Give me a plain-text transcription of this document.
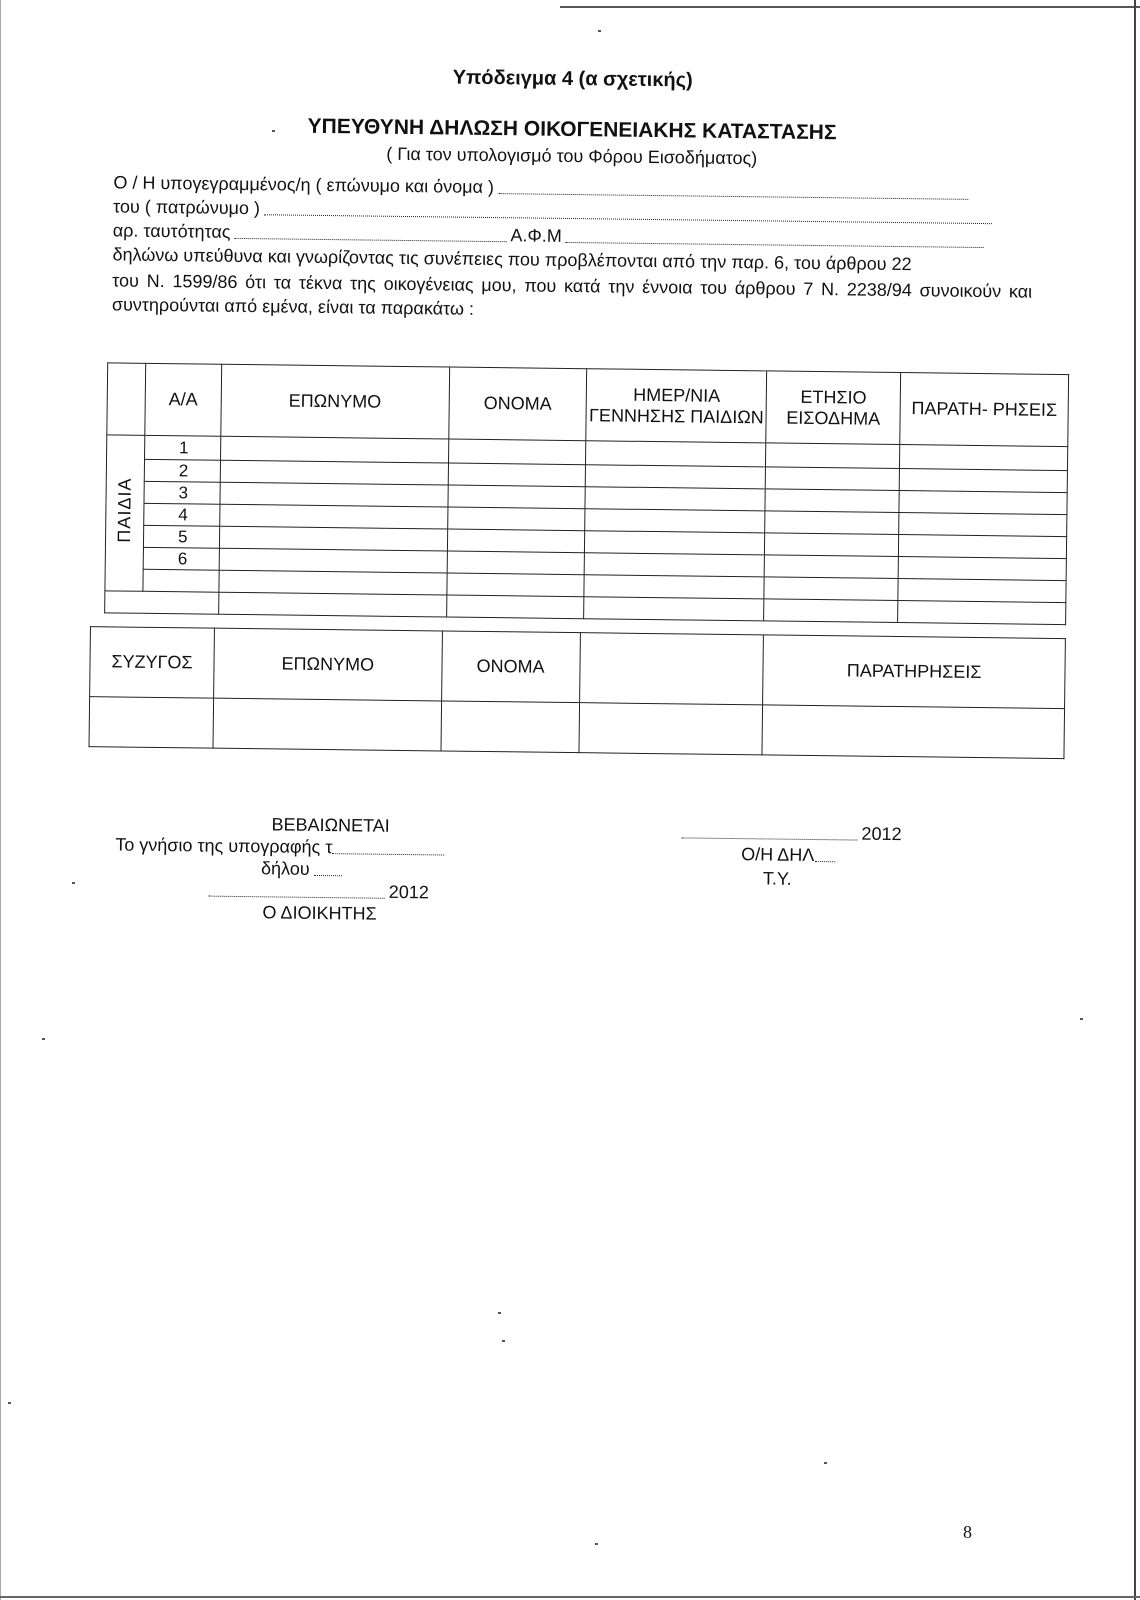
Υπόδειγμα 4 (α σχετικής)
ΥΠΕΥΘΥΝΗ ΔΗΛΩΣΗ ΟΙΚΟΓΕΝΕΙΑΚΗΣ ΚΑΤΑΣΤΑΣΗΣ
( Για τον υπολογισμό του Φόρου Εισοδήματος)
Ο / Η υπογεγραμμένος/η ( επώνυμο και όνομα )
του ( πατρώνυμο )
αρ. ταυτότητας	Α.Φ.Μ
δηλώνω υπεύθυνα και γνωρίζοντας τις συνέπειες που προβλέπονται από την παρ. 6, του άρθρου 22
του Ν. 1599/86 ότι τα τέκνα της οικογένειας μου, που κατά την έννοια του άρθρου 7 Ν. 2238/94 συνοικούν και συντηρούνται από εμένα, είναι τα παρακάτω :
	Α/Α	ΕΠΩΝΥΜΟ	ΟΝΟΜΑ	ΗΜΕΡ/ΝΙΑ ΓΕΝΝΗΣΗΣ ΠΑΙΔΙΩΝ	ΕΤΗΣΙΟ ΕΙΣΟΔΗΜΑ	ΠΑΡΑΤΗ- ΡΗΣΕΙΣ
ΠΑΙΔΙΑ	1					
	2					
	3					
	4					
	5					
	6					

ΣΥΖΥΓΟΣ	ΕΠΩΝΥΜΟ	ΟΝΟΜΑ		ΠΑΡΑΤΗΡΗΣΕΙΣ

ΒΕΒΑΙΩΝΕΤΑΙ
Το γνήσιο της υπογραφής τ
δήλου
2012
Ο ΔΙΟΙΚΗΤΗΣ
2012
Ο/Η ΔΗΛ
Τ.Υ.
8
